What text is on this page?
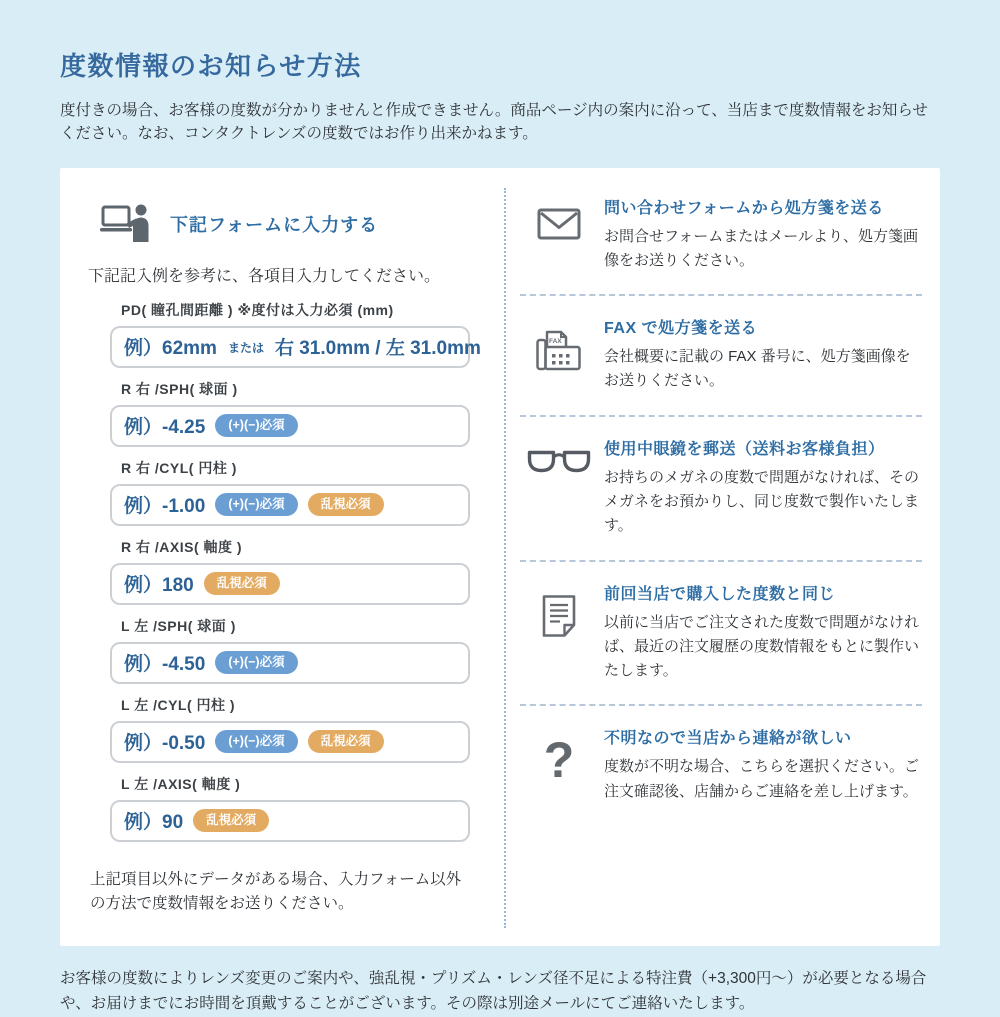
度数情報のお知らせ方法

度付きの場合、お客様の度数が分かりませんと作成できません。商品ページ内の案内に沿って、当店まで度数情報をお知らせください。なお、コンタクトレンズの度数ではお作り出来かねます。

下記フォームに入力する

下記記入例を参考に、各項目入力してください。

PD( 瞳孔間距離 ) ※度付は入力必須 (mm)
例）62mm または 右 31.0mm / 左 31.0mm
R 右 /SPH( 球面 )
例）-4.25	(+)(−)必須
R 右 /CYL( 円柱 )
例）-1.00	(+)(−)必須	乱視必須
R 右 /AXIS( 軸度 )
例）180	乱視必須
L 左 /SPH( 球面 )
例）-4.50	(+)(−)必須
L 左 /CYL( 円柱 )
例）-0.50	(+)(−)必須	乱視必須
L 左 /AXIS( 軸度 )
例）90	乱視必須

上記項目以外にデータがある場合、入力フォーム以外の方法で度数情報をお送りください。

問い合わせフォームから処方箋を送る

お問合せフォームまたはメールより、処方箋画像をお送りください。

FAX

FAX で処方箋を送る

会社概要に記載の FAX 番号に、処方箋画像をお送りください。

使用中眼鏡を郵送（送料お客様負担）

お持ちのメガネの度数で問題がなければ、そのメガネをお預かりし、同じ度数で製作いたします。

前回当店で購入した度数と同じ

以前に当店でご注文された度数で問題がなければ、最近の注文履歴の度数情報をもとに製作いたします。

? 不明なので当店から連絡が欲しい

度数が不明な場合、こちらを選択ください。ご注文確認後、店舗からご連絡を差し上げます。

お客様の度数によりレンズ変更のご案内や、強乱視・プリズム・レンズ径不足による特注費（+3,300円〜）が必要となる場合や、お届けまでにお時間を頂戴することがございます。その際は別途メールにてご連絡いたします。
